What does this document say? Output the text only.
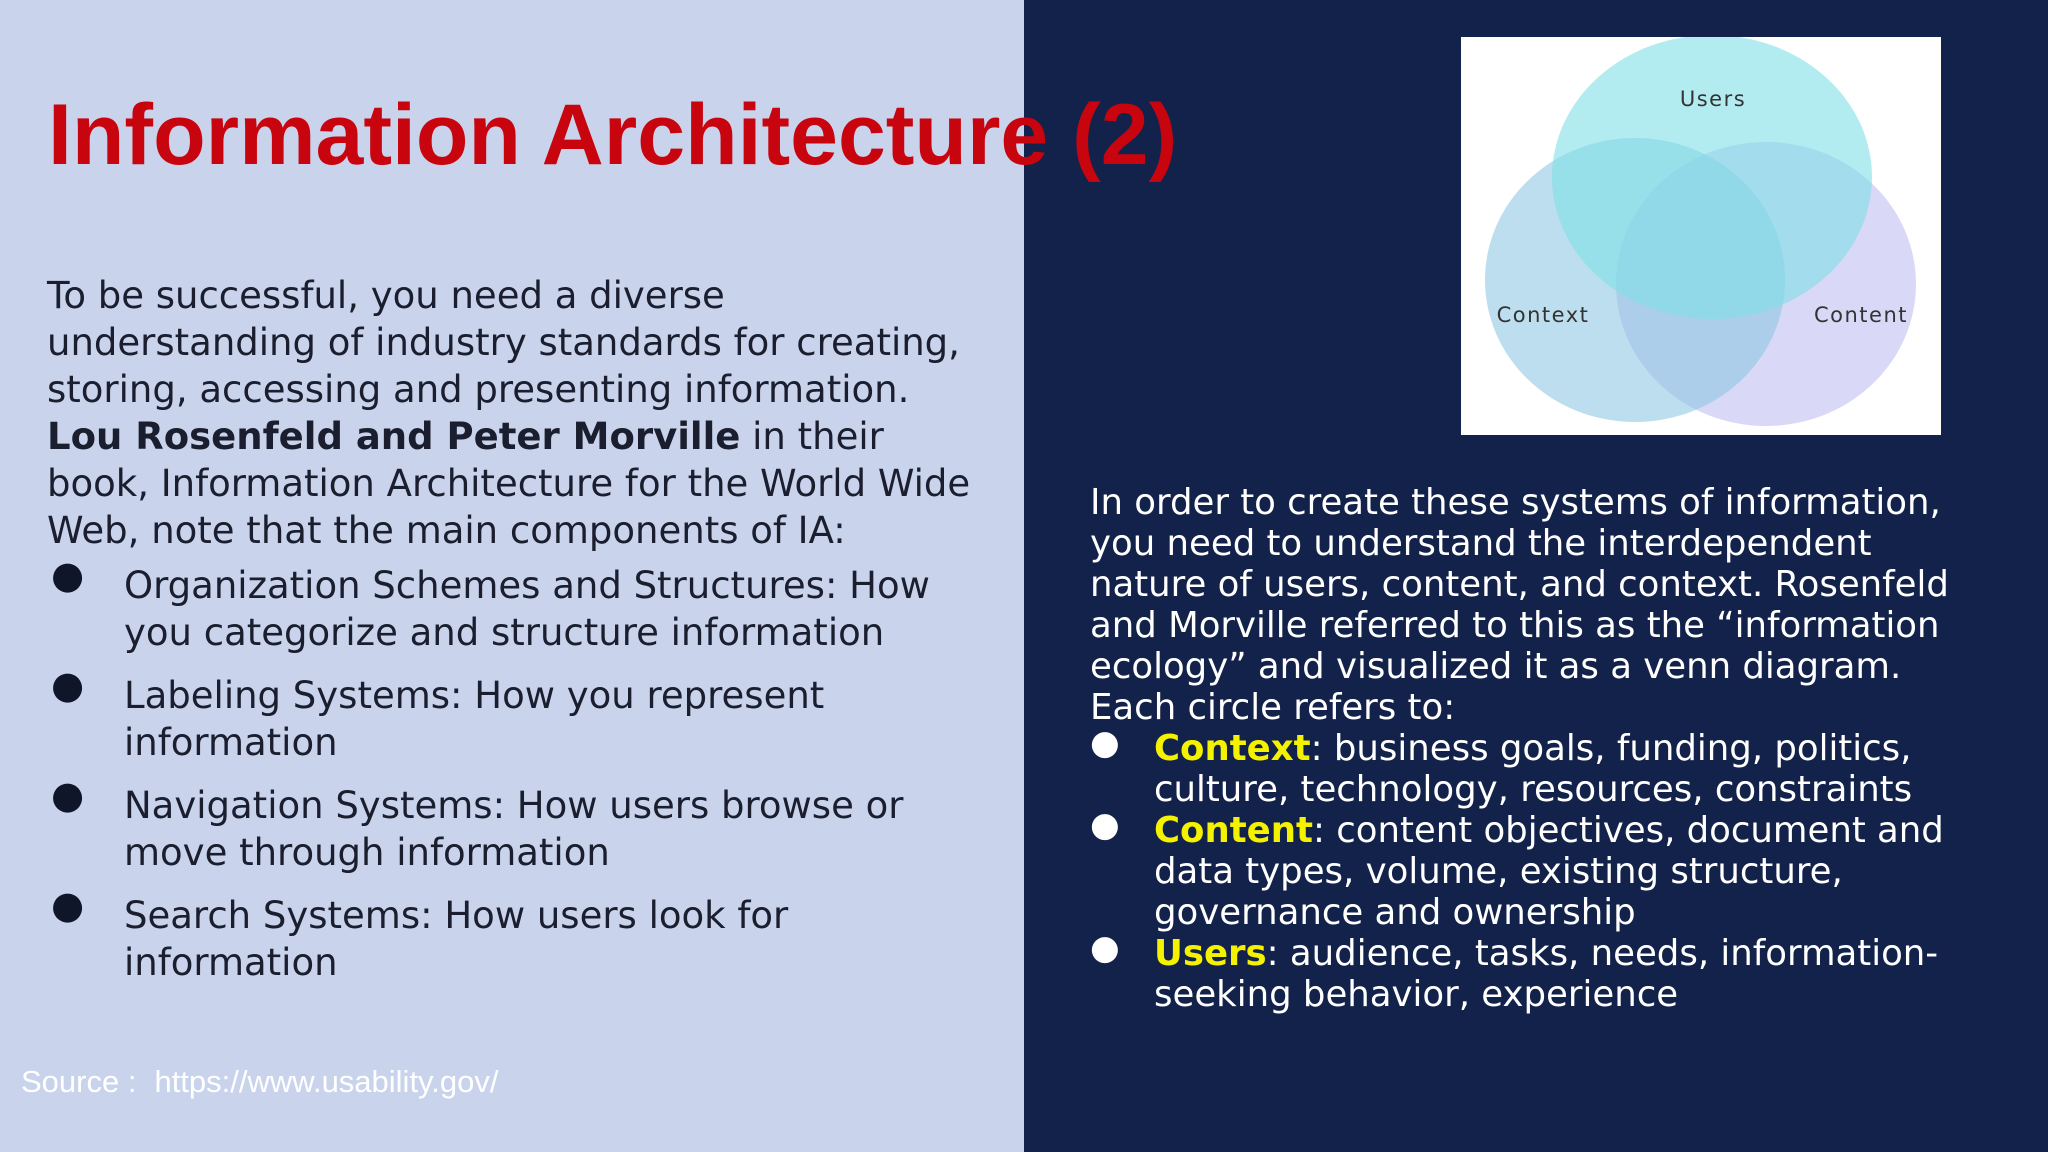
Information Architecture (2)

To be successful, you need a diverse understanding of industry standards for creating, storing, accessing and presenting information. Lou Rosenfeld and Peter Morville in their book, Information Architecture for the World Wide Web, note that the main components of IA:

● Organization Schemes and Structures: How you categorize and structure information
● Labeling Systems: How you represent information
● Navigation Systems: How users browse or move through information
● Search Systems: How users look for information
Source : https://www.usability.gov/
Users
Context	Content

In order to create these systems of information, you need to understand the interdependent nature of users, content, and context. Rosenfeld and Morville referred to this as the “information ecology” and visualized it as a venn diagram. Each circle refers to:

● Context: business goals, funding, politics, culture, technology, resources, constraints
● Content: content objectives, document and data types, volume, existing structure, governance and ownership
● Users: audience, tasks, needs, information-seeking behavior, experience
